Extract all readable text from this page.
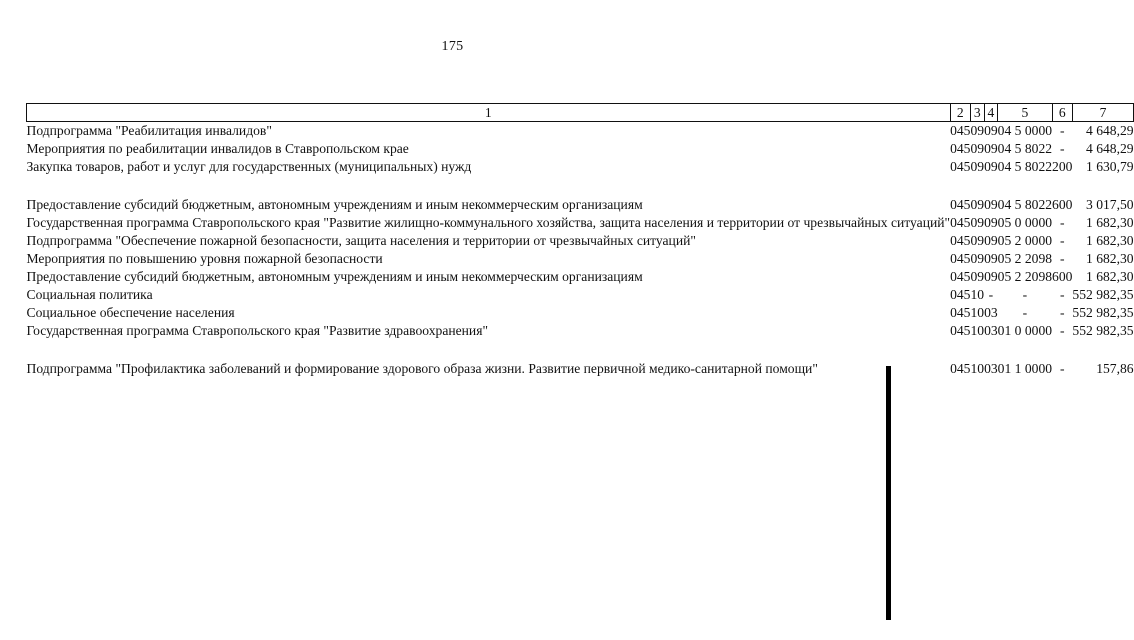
175
1	2	3	4	5	6	7
Подпрограмма "Реабилитация инвалидов"	045	09	09	04 5 0000	-	4 648,29
Мероприятия по реабилитации инвалидов в Ставропольском крае	045	09	09	04 5 8022	-	4 648,29
Закупка товаров, работ и услуг для государственных (муниципальных) нужд	045	09	09	04 5 8022	200	1 630,79

Предоставление субсидий бюджетным, автономным учреждениям и иным некоммерческим организациям	045	09	09	04 5 8022	600	3 017,50
Государственная программа Ставропольского края "Развитие жилищно-коммунального хозяйства, защита населения и территории от чрезвычайных ситуаций"	045	09	09	05 0 0000	-	1 682,30
Подпрограмма "Обеспечение пожарной безопасности, защита населения и территории от чрезвычайных ситуаций"	045	09	09	05 2 0000	-	1 682,30
Мероприятия по повышению уровня пожарной безопасности	045	09	09	05 2 2098	-	1 682,30
Предоставление субсидий бюджетным, автономным учреждениям и иным некоммерческим организациям	045	09	09	05 2 2098	600	1 682,30
Социальная политика	045	10	-	-	-	552 982,35
Социальное обеспечение населения	045	10	03	-	-	552 982,35
Государственная программа Ставропольского края "Развитие здравоохранения"	045	10	03	01 0 0000	-	552 982,35

Подпрограмма "Профилактика заболеваний и формирование здорового образа жизни. Развитие первичной медико-санитарной помощи"	045	10	03	01 1 0000	-	157,86
